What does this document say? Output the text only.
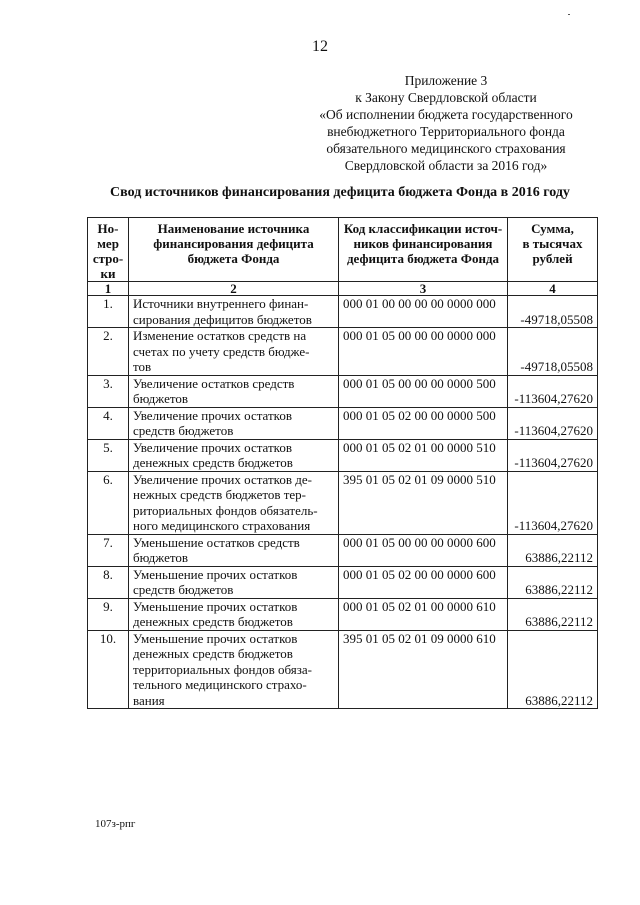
12
Приложение 3
к Закону Свердловской области
«Об исполнении бюджета государственного
внебюджетного Территориального фонда
обязательного медицинского страхования
Свердловской области за 2016 год»
Свод источников финансирования дефицита бюджета Фонда в 2016 году
Но-
мер
стро-
ки	Наименование источника
финансирования дефицита
бюджета Фонда	Код классификации источ-
ников финансирования
дефицита бюджета Фонда	Сумма,
в тысячах
рублей
1	2	3	4
1.	Источники внутреннего финан-
сирования дефицитов бюджетов	000 01 00 00 00 00 0000 000	-49718,05508
2.	Изменение остатков средств на
счетах по учету средств бюдже-
тов	000 01 05 00 00 00 0000 000	-49718,05508
3.	Увеличение остатков средств
бюджетов	000 01 05 00 00 00 0000 500	-113604,27620
4.	Увеличение прочих остатков
средств бюджетов	000 01 05 02 00 00 0000 500	-113604,27620
5.	Увеличение прочих остатков
денежных средств бюджетов	000 01 05 02 01 00 0000 510	-113604,27620
6.	Увеличение прочих остатков де-
нежных средств бюджетов тер-
риториальных фондов обязатель-
ного медицинского страхования	395 01 05 02 01 09 0000 510	-113604,27620
7.	Уменьшение остатков средств
бюджетов	000 01 05 00 00 00 0000 600	63886,22112
8.	Уменьшение прочих остатков
средств бюджетов	000 01 05 02 00 00 0000 600	63886,22112
9.	Уменьшение прочих остатков
денежных средств бюджетов	000 01 05 02 01 00 0000 610	63886,22112
10.	Уменьшение прочих остатков
денежных средств бюджетов
территориальных фондов обяза-
тельного медицинского страхо-
вания	395 01 05 02 01 09 0000 610	63886,22112
107з-рпг
